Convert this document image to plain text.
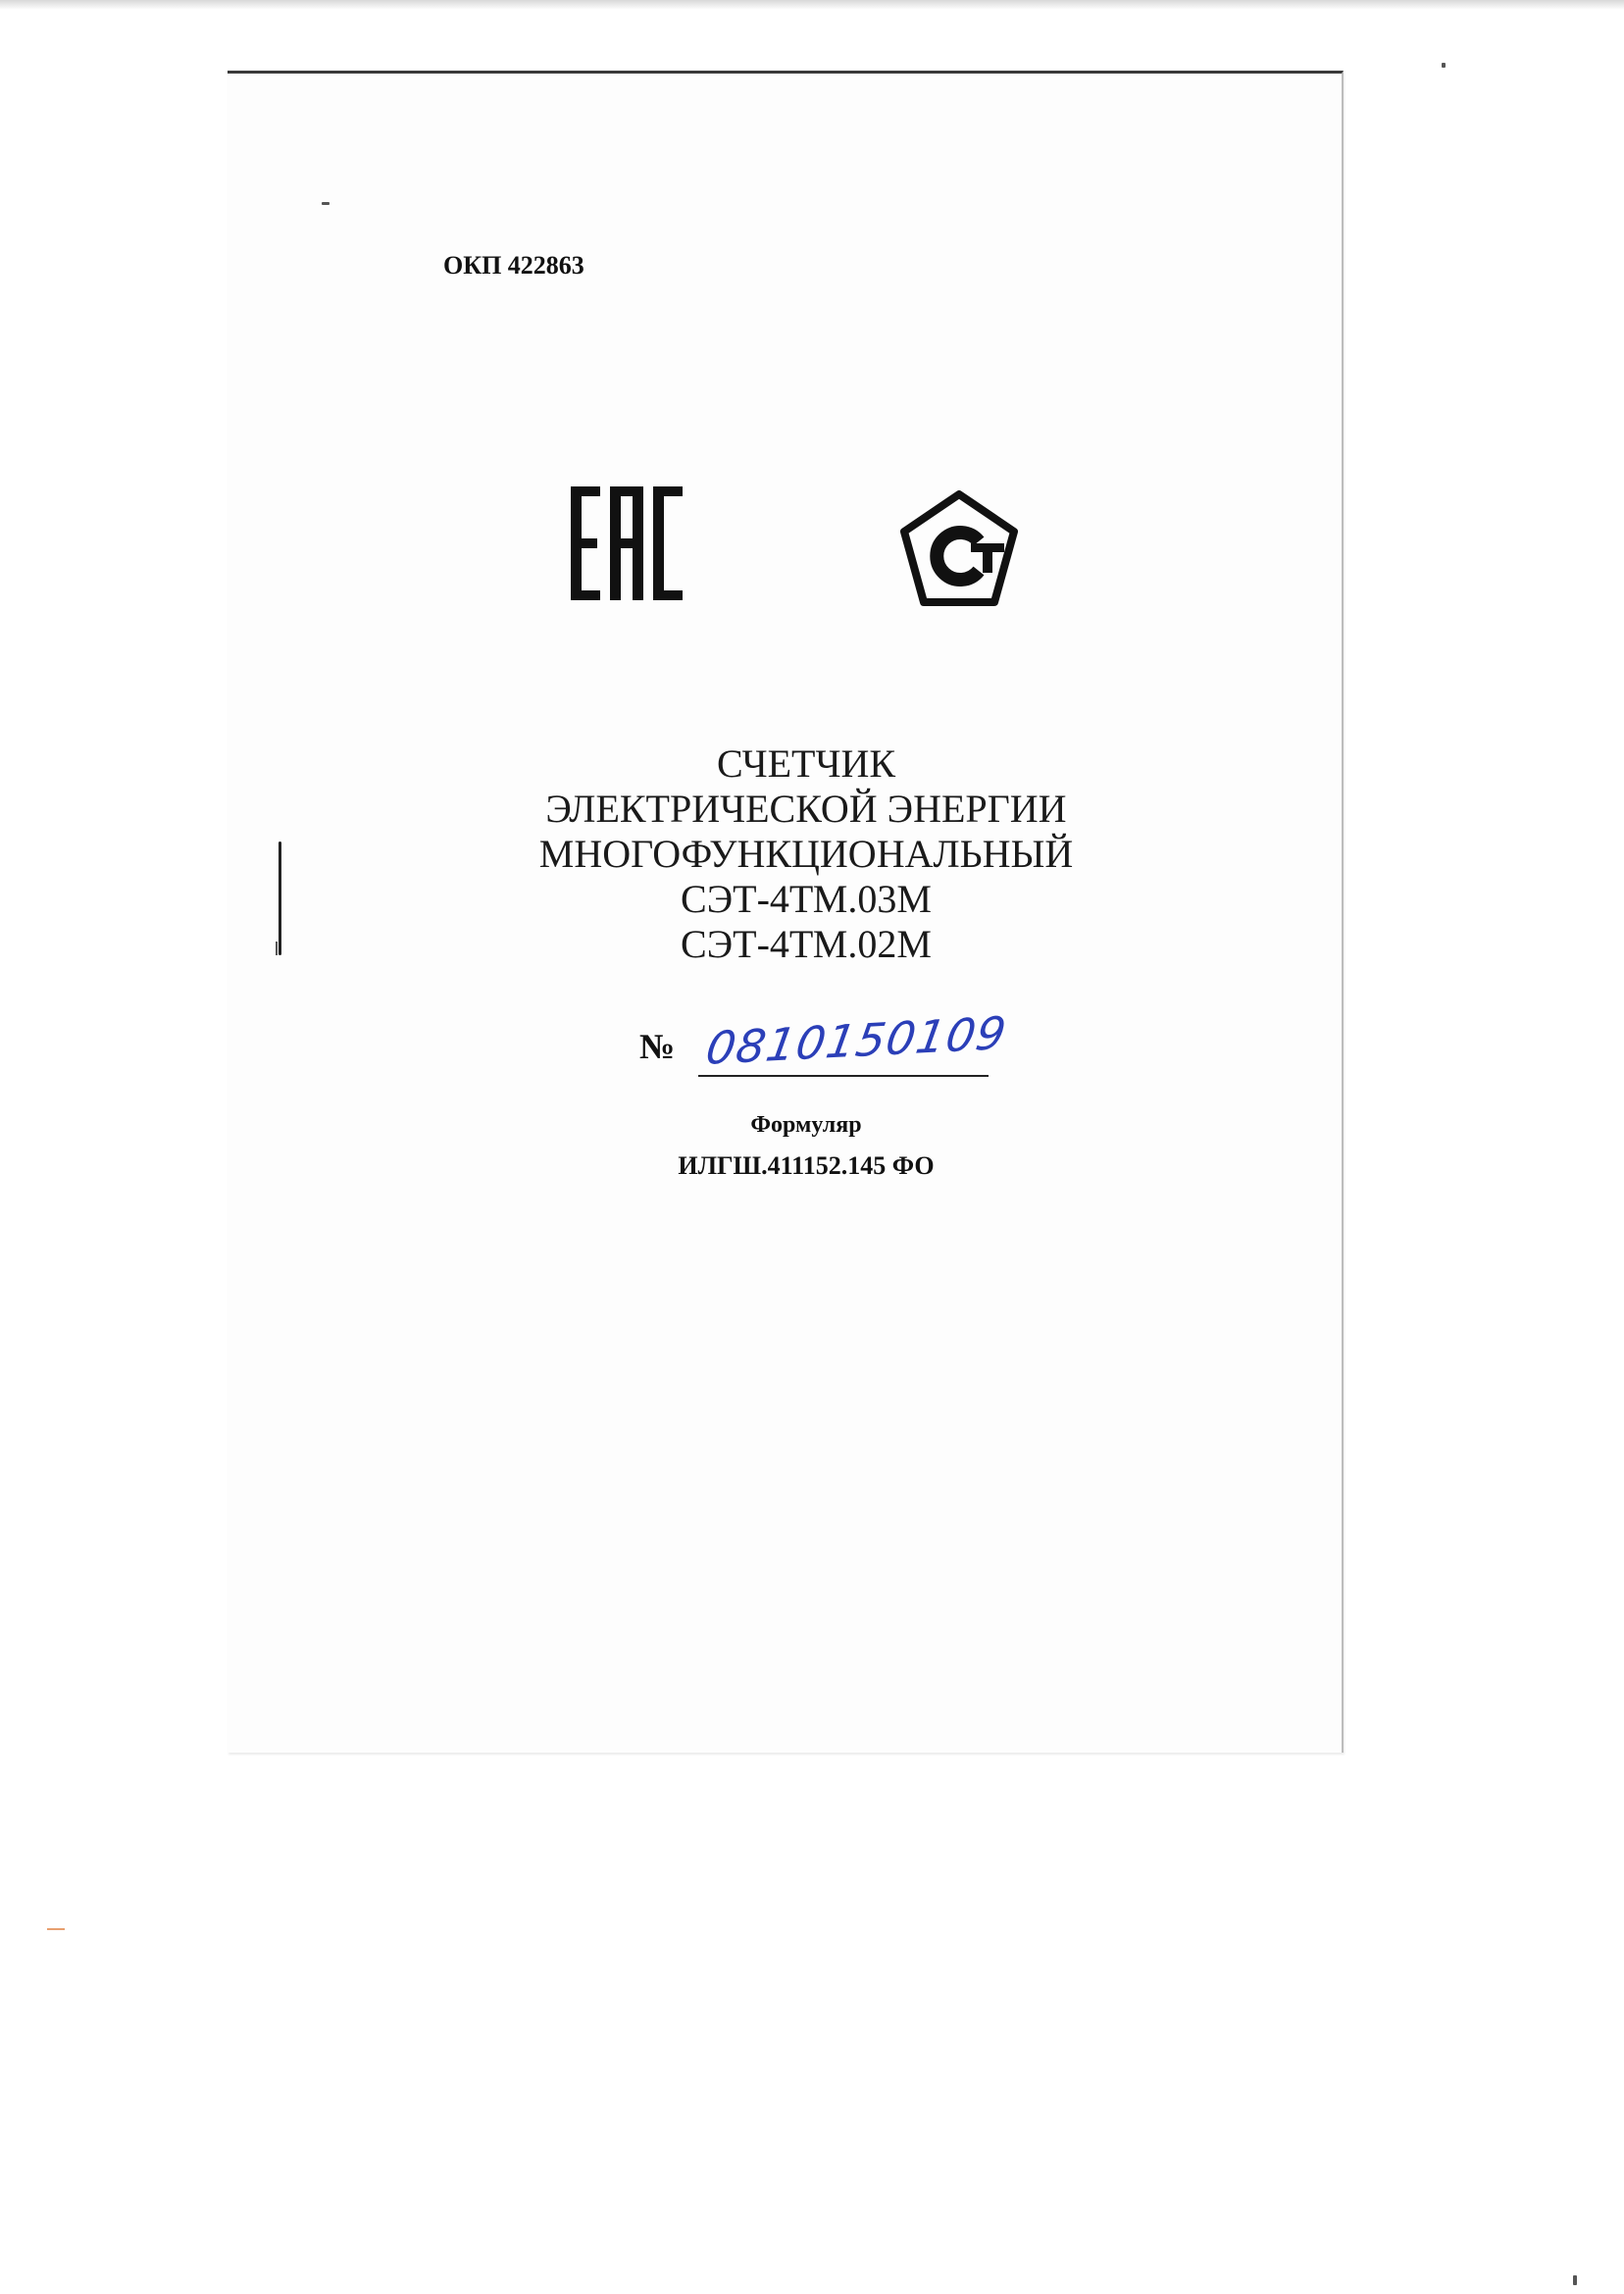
ОКП 422863
СЧЕТЧИК
ЭЛЕКТРИЧЕСКОЙ ЭНЕРГИИ
МНОГОФУНКЦИОНАЛЬНЫЙ
СЭТ-4ТМ.03М
СЭТ-4ТМ.02М
№ 0810150109
Формуляр
ИЛГШ.411152.145 ФО
